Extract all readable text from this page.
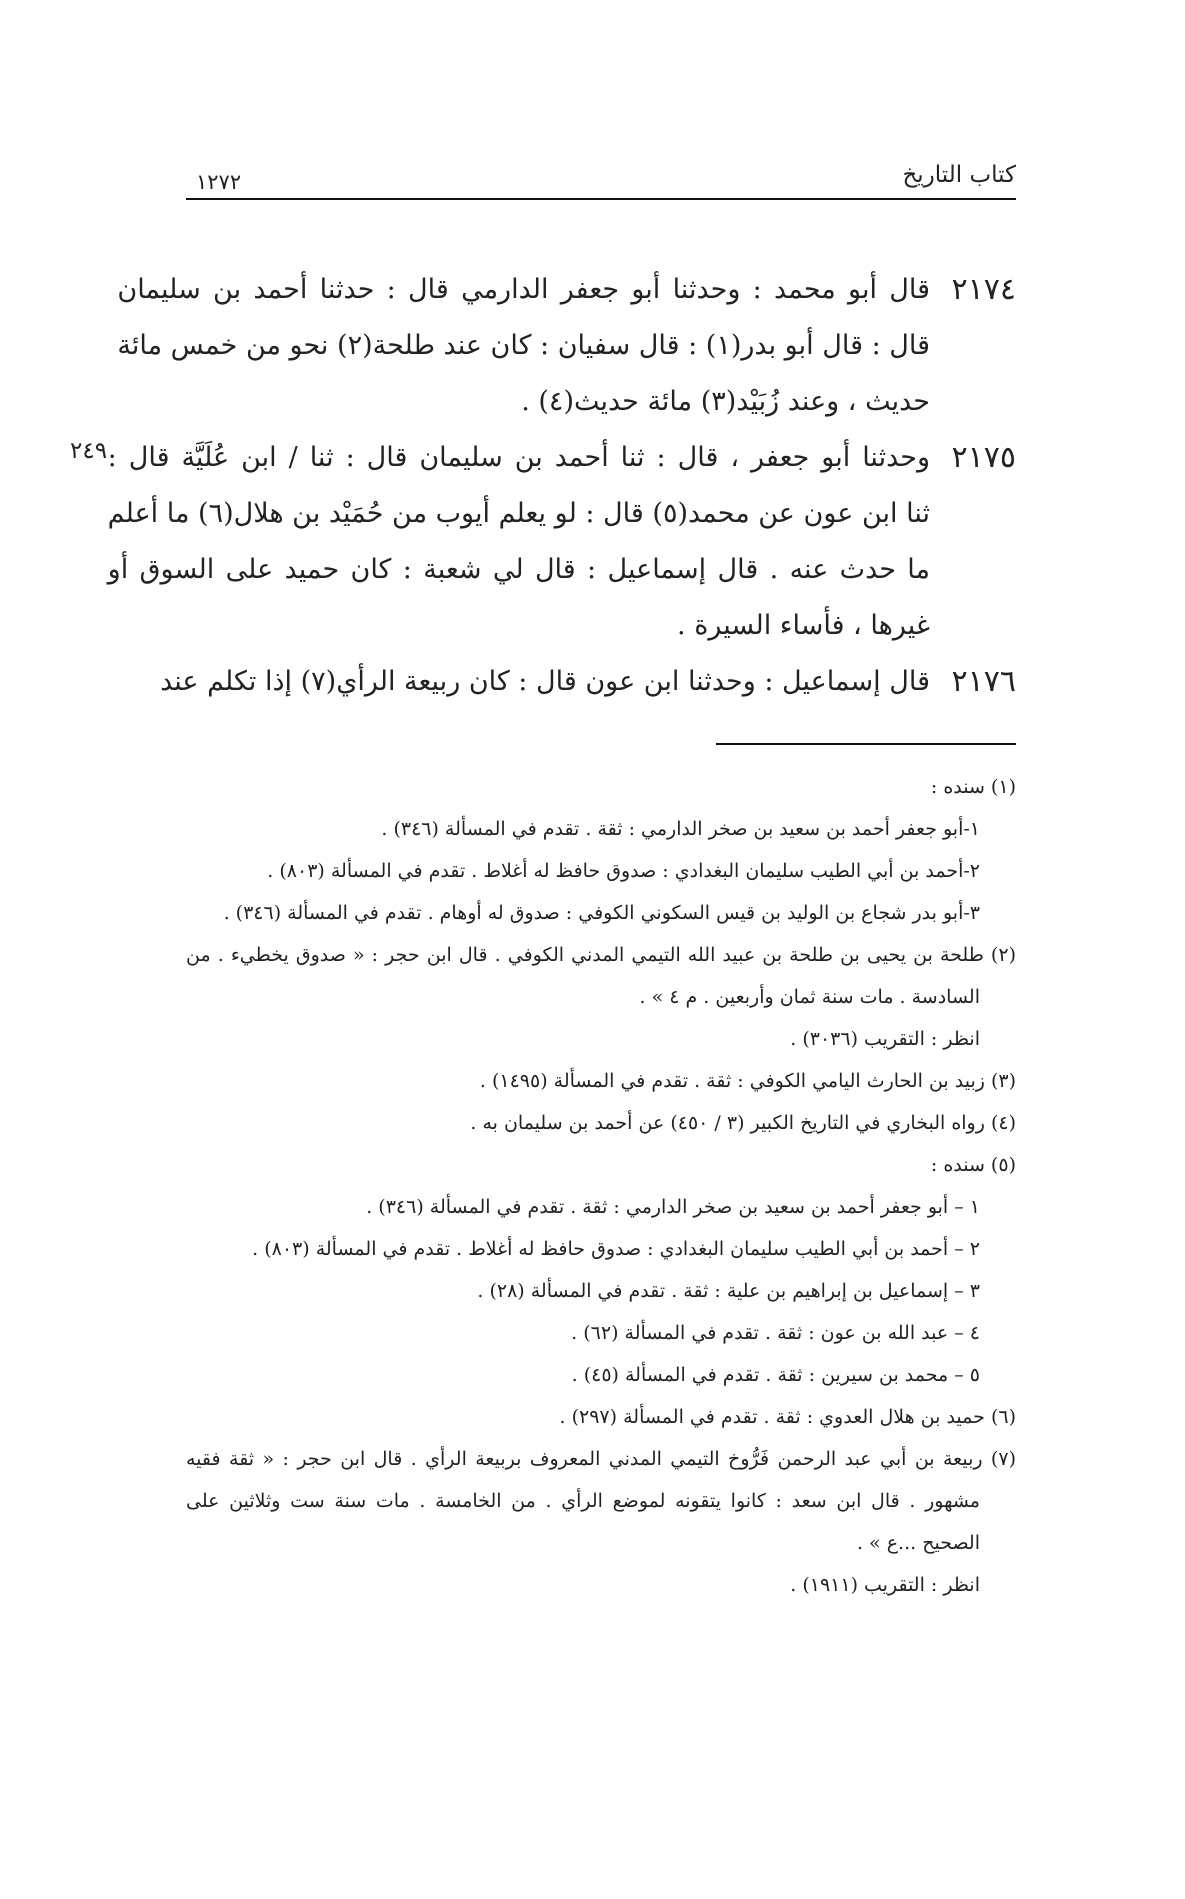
كتاب التاريخ
١٢٧٢
٢٤٩
٢١٧٤
قال أبو محمد : وحدثنا أبو جعفر الدارمي قال : حدثنا أحمد بن سليمان
قال : قال أبو بدر(١) : قال سفيان : كان عند طلحة(٢) نحو من خمس مائة
حديث ، وعند زُبَيْد(٣) مائة حديث(٤) .
٢١٧٥
وحدثنا أبو جعفر ، قال : ثنا أحمد بن سليمان قال : ثنا / ابن عُلَيَّة قال :
ثنا ابن عون عن محمد(٥) قال : لو يعلم أيوب من حُمَيْد بن هلال(٦) ما أعلم
ما حدث عنه . قال إسماعيل : قال لي شعبة : كان حميد على السوق أو
غيرها ، فأساء السيرة .
٢١٧٦
قال إسماعيل : وحدثنا ابن عون قال : كان ربيعة الرأي(٧) إذا تكلم عند
(١) سنده :
١-أبو جعفر أحمد بن سعيد بن صخر الدارمي : ثقة . تقدم في المسألة (٣٤٦) .
٢-أحمد بن أبي الطيب سليمان البغدادي : صدوق حافظ له أغلاط . تقدم في المسألة (٨٠٣) .
٣-أبو بدر شجاع بن الوليد بن قيس السكوني الكوفي : صدوق له أوهام . تقدم في المسألة (٣٤٦) .
(٢) طلحة بن يحيى بن طلحة بن عبيد الله التيمي المدني الكوفي . قال ابن حجر : « صدوق يخطيء . من
السادسة . مات سنة ثمان وأربعين . م ٤ » .
انظر : التقريب (٣٠٣٦) .
(٣) زبيد بن الحارث اليامي الكوفي : ثقة . تقدم في المسألة (١٤٩٥) .
(٤) رواه البخاري في التاريخ الكبير (٣ / ٤٥٠) عن أحمد بن سليمان به .
(٥) سنده :
١ – أبو جعفر أحمد بن سعيد بن صخر الدارمي : ثقة . تقدم في المسألة (٣٤٦) .
٢ – أحمد بن أبي الطيب سليمان البغدادي : صدوق حافظ له أغلاط . تقدم في المسألة (٨٠٣) .
٣ – إسماعيل بن إبراهيم بن علية : ثقة . تقدم في المسألة (٢٨) .
٤ – عبد الله بن عون : ثقة . تقدم في المسألة (٦٢) .
٥ – محمد بن سيرين : ثقة . تقدم في المسألة (٤٥) .
(٦) حميد بن هلال العدوي : ثقة . تقدم في المسألة (٢٩٧) .
(٧) ربيعة بن أبي عبد الرحمن فَرُّوخ التيمي المدني المعروف بربيعة الرأي . قال ابن حجر : « ثقة فقيه
مشهور . قال ابن سعد : كانوا يتقونه لموضع الرأي . من الخامسة . مات سنة ست وثلاثين على
الصحيح ...ع » .
انظر : التقريب (١٩١١) .
